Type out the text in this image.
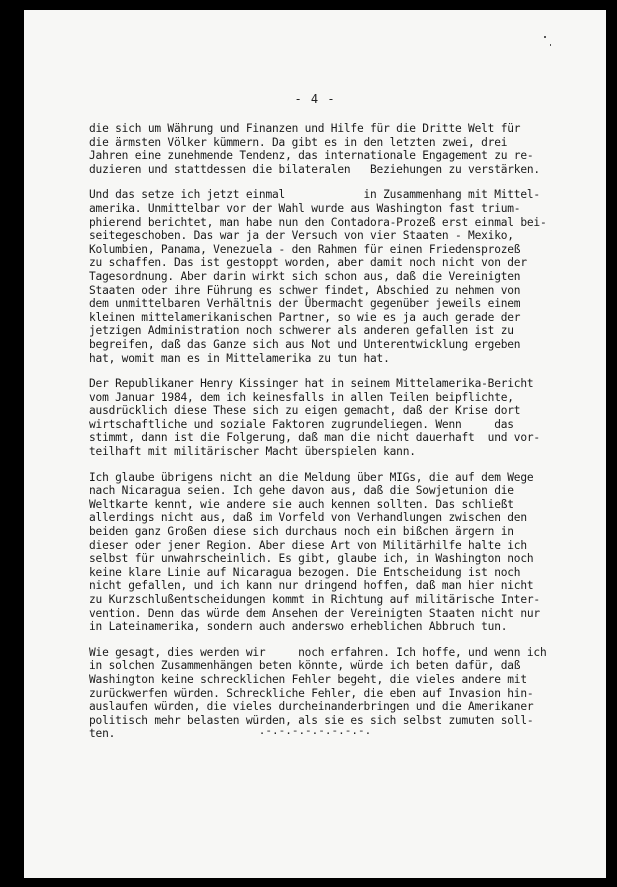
- 4 -
die sich um Währung und Finanzen und Hilfe für die Dritte Welt für
die ärmsten Völker kümmern. Da gibt es in den letzten zwei, drei
Jahren eine zunehmende Tendenz, das internationale Engagement zu re-
duzieren und stattdessen die bilateralen   Beziehungen zu verstärken.
Und das setze ich jetzt einmal            in Zusammenhang mit Mittel-
amerika. Unmittelbar vor der Wahl wurde aus Washington fast trium-
phierend berichtet, man habe nun den Contadora-Prozeß erst einmal bei-
seitegeschoben. Das war ja der Versuch von vier Staaten - Mexiko,
Kolumbien, Panama, Venezuela - den Rahmen für einen Friedensprozeß
zu schaffen. Das ist gestoppt worden, aber damit noch nicht von der
Tagesordnung. Aber darin wirkt sich schon aus, daß die Vereinigten
Staaten oder ihre Führung es schwer findet, Abschied zu nehmen von
dem unmittelbaren Verhältnis der Übermacht gegenüber jeweils einem
kleinen mittelamerikanischen Partner, so wie es ja auch gerade der
jetzigen Administration noch schwerer als anderen gefallen ist zu
begreifen, daß das Ganze sich aus Not und Unterentwicklung ergeben
hat, womit man es in Mittelamerika zu tun hat.
Der Republikaner Henry Kissinger hat in seinem Mittelamerika-Bericht
vom Januar 1984, dem ich keinesfalls in allen Teilen beipflichte,
ausdrücklich diese These sich zu eigen gemacht, daß der Krise dort
wirtschaftliche und soziale Faktoren zugrundeliegen. Wenn     das
stimmt, dann ist die Folgerung, daß man die nicht dauerhaft  und vor-
teilhaft mit militärischer Macht überspielen kann.
Ich glaube übrigens nicht an die Meldung über MIGs, die auf dem Wege
nach Nicaragua seien. Ich gehe davon aus, daß die Sowjetunion die
Weltkarte kennt, wie andere sie auch kennen sollten. Das schließt
allerdings nicht aus, daß im Vorfeld von Verhandlungen zwischen den
beiden ganz Großen diese sich durchaus noch ein bißchen ärgern in
dieser oder jener Region. Aber diese Art von Militärhilfe halte ich
selbst für unwahrscheinlich. Es gibt, glaube ich, in Washington noch
keine klare Linie auf Nicaragua bezogen. Die Entscheidung ist noch
nicht gefallen, und ich kann nur dringend hoffen, daß man hier nicht
zu Kurzschlußentscheidungen kommt in Richtung auf militärische Inter-
vention. Denn das würde dem Ansehen der Vereinigten Staaten nicht nur
in Lateinamerika, sondern auch anderswo erheblichen Abbruch tun.
Wie gesagt, dies werden wir     noch erfahren. Ich hoffe, und wenn ich
in solchen Zusammenhängen beten könnte, würde ich beten dafür, daß
Washington keine schrecklichen Fehler begeht, die vieles andere mit
zurückwerfen würden. Schreckliche Fehler, die eben auf Invasion hin-
auslaufen würden, die vieles durcheinanderbringen und die Amerikaner
politisch mehr belasten würden, als sie es sich selbst zumuten soll-
ten.	.-.-.-.-.-.-.-.-.
